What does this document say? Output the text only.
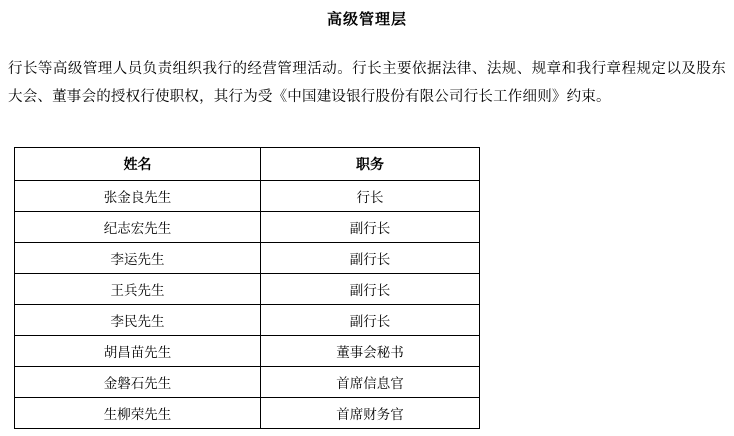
高级管理层

行长等高级管理人员负责组织我行的经营管理活动。行长主要依据法律、法规、规章和我行章程规定以及股东大会、董事会的授权行使职权，其行为受《中国建设银行股份有限公司行长工作细则》约束。

姓名	职务
张金良先生	行长
纪志宏先生	副行长
李运先生	副行长
王兵先生	副行长
李民先生	副行长
胡昌苗先生	董事会秘书
金磐石先生	首席信息官
生柳荣先生	首席财务官
